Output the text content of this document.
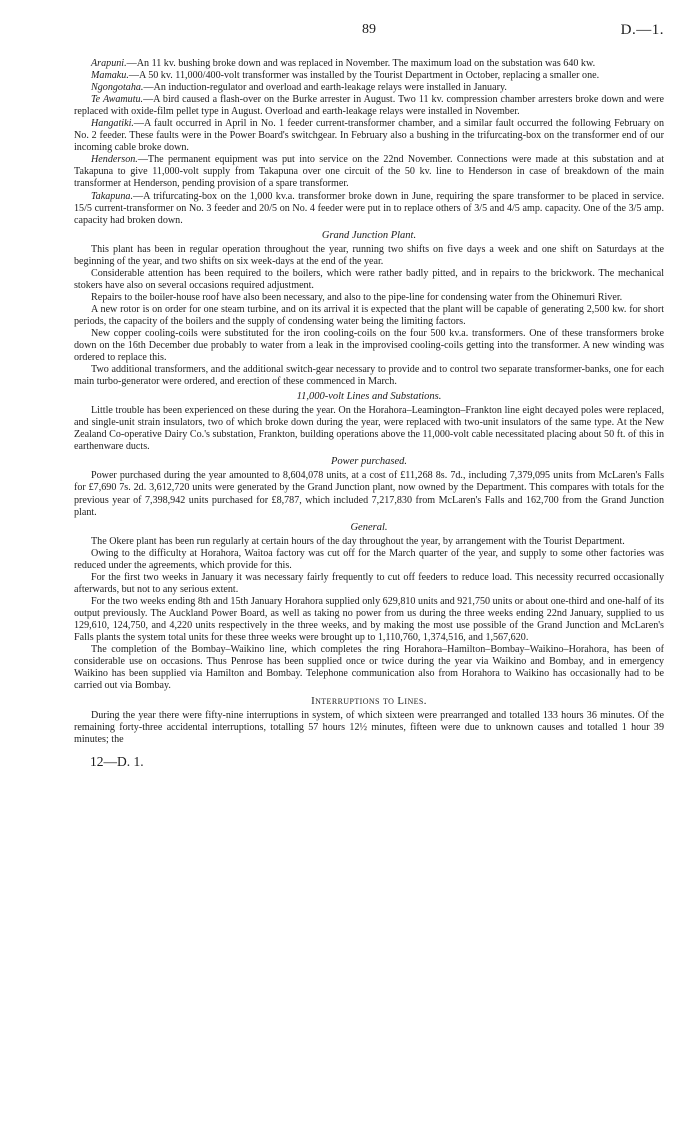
89	D.—1.

Arapuni.—An 11 kv. bushing broke down and was replaced in November. The maximum load on the substation was 640 kw.

Mamaku.—A 50 kv. 11,000/400-volt transformer was installed by the Tourist Department in October, replacing a smaller one.

Ngongotaha.—An induction-regulator and overload and earth-leakage relays were installed in January.

Te Awamutu.—A bird caused a flash-over on the Burke arrester in August. Two 11 kv. compression chamber arresters broke down and were replaced with oxide-film pellet type in August. Overload and earth-leakage relays were installed in November.

Hangatiki.—A fault occurred in April in No. 1 feeder current-transformer chamber, and a similar fault occurred the following February on No. 2 feeder. These faults were in the Power Board's switchgear. In February also a bushing in the trifurcating-box on the transformer end of our incoming cable broke down.

Henderson.—The permanent equipment was put into service on the 22nd November. Connections were made at this substation and at Takapuna to give 11,000-volt supply from Takapuna over one circuit of the 50 kv. line to Henderson in case of breakdown of the main transformer at Henderson, pending provision of a spare transformer.

Takapuna.—A trifurcating-box on the 1,000 kv.a. transformer broke down in June, requiring the spare transformer to be placed in service. 15/5 current-transformer on No. 3 feeder and 20/5 on No. 4 feeder were put in to replace others of 3/5 and 4/5 amp. capacity. One of the 3/5 amp. capacity had broken down.

Grand Junction Plant.

This plant has been in regular operation throughout the year, running two shifts on five days a week and one shift on Saturdays at the beginning of the year, and two shifts on six week-days at the end of the year.

Considerable attention has been required to the boilers, which were rather badly pitted, and in repairs to the brickwork. The mechanical stokers have also on several occasions required adjustment.

Repairs to the boiler-house roof have also been necessary, and also to the pipe-line for condensing water from the Ohinemuri River.

A new rotor is on order for one steam turbine, and on its arrival it is expected that the plant will be capable of generating 2,500 kw. for short periods, the capacity of the boilers and the supply of condensing water being the limiting factors.

New copper cooling-coils were substituted for the iron cooling-coils on the four 500 kv.a. transformers. One of these transformers broke down on the 16th December due probably to water from a leak in the improvised cooling-coils getting into the transformer. A new winding was ordered to replace this.

Two additional transformers, and the additional switch-gear necessary to provide and to control two separate transformer-banks, one for each main turbo-generator were ordered, and erection of these commenced in March.

11,000-volt Lines and Substations.

Little trouble has been experienced on these during the year. On the Horahora–Leamington–Frankton line eight decayed poles were replaced, and single-unit strain insulators, two of which broke down during the year, were replaced with two-unit insulators of the same type. At the New Zealand Co-operative Dairy Co.'s substation, Frankton, building operations above the 11,000-volt cable necessitated placing about 50 ft. of this in earthenware ducts.

Power purchased.

Power purchased during the year amounted to 8,604,078 units, at a cost of £11,268 8s. 7d., including 7,379,095 units from McLaren's Falls for £7,690 7s. 2d. 3,612,720 units were generated by the Grand Junction plant, now owned by the Department. This compares with totals for the previous year of 7,398,942 units purchased for £8,787, which included 7,217,830 from McLaren's Falls and 162,700 from the Grand Junction plant.

General.

The Okere plant has been run regularly at certain hours of the day throughout the year, by arrangement with the Tourist Department.

Owing to the difficulty at Horahora, Waitoa factory was cut off for the March quarter of the year, and supply to some other factories was reduced under the agreements, which provide for this.

For the first two weeks in January it was necessary fairly frequently to cut off feeders to reduce load. This necessity recurred occasionally afterwards, but not to any serious extent.

For the two weeks ending 8th and 15th January Horahora supplied only 629,810 units and 921,750 units or about one-third and one-half of its output previously. The Auckland Power Board, as well as taking no power from us during the three weeks ending 22nd January, supplied to us 129,610, 124,750, and 4,220 units respectively in the three weeks, and by making the most use possible of the Grand Junction and McLaren's Falls plants the system total units for these three weeks were brought up to 1,110,760, 1,374,516, and 1,567,620.

The completion of the Bombay–Waikino line, which completes the ring Horahora–Hamilton–Bombay–Waikino–Horahora, has been of considerable use on occasions. Thus Penrose has been supplied once or twice during the year via Waikino and Bombay, and in emergency Waikino has been supplied via Hamilton and Bombay. Telephone communication also from Horahora to Waikino has occasionally had to be carried out via Bombay.

Interruptions to Lines.

During the year there were fifty-nine interruptions in system, of which sixteen were prearranged and totalled 133 hours 36 minutes. Of the remaining forty-three accidental interruptions, totalling 57 hours 12½ minutes, fifteen were due to unknown causes and totalled 1 hour 39 minutes; the

12—D. 1.
